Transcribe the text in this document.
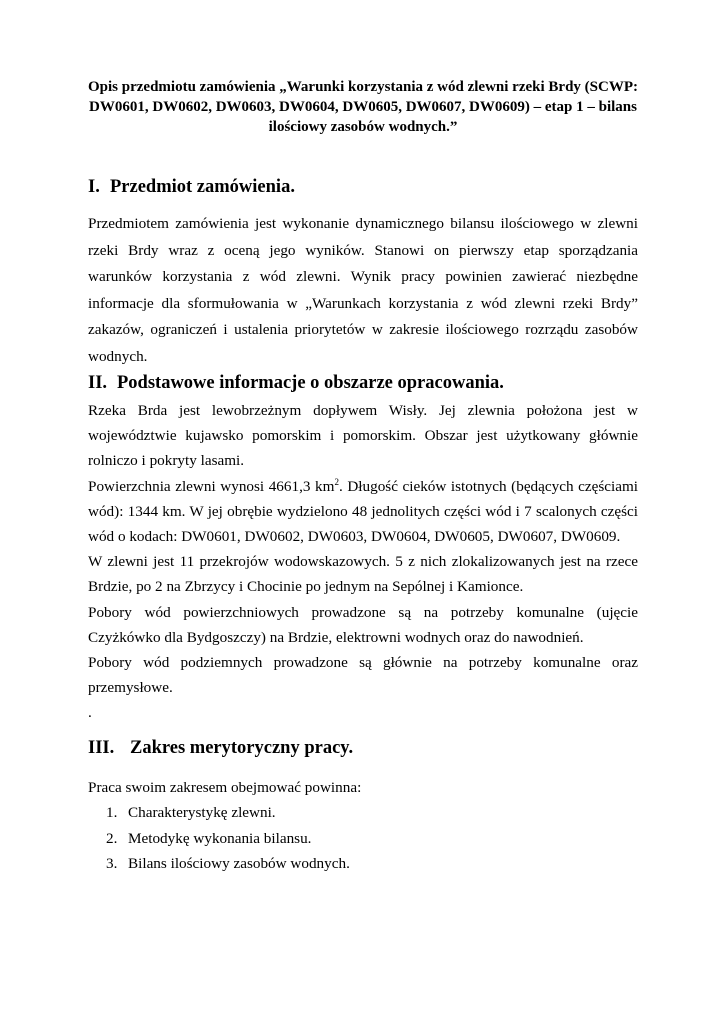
Opis przedmiotu zamówienia „Warunki korzystania z wód zlewni rzeki Brdy (SCWP: DW0601, DW0602, DW0603, DW0604, DW0605, DW0607, DW0609) – etap 1 – bilans ilościowy zasobów wodnych.”
I. Przedmiot zamówienia.

Przedmiotem zamówienia jest wykonanie dynamicznego bilansu ilościowego w zlewni rzeki Brdy wraz z oceną jego wyników. Stanowi on pierwszy etap sporządzania warunków korzystania z wód zlewni. Wynik pracy powinien zawierać niezbędne informacje dla sformułowania w „Warunkach korzystania z wód zlewni rzeki Brdy” zakazów, ograniczeń i ustalenia priorytetów w zakresie ilościowego rozrządu zasobów wodnych.

II. Podstawowe informacje o obszarze opracowania.

Rzeka Brda jest lewobrzeżnym dopływem Wisły. Jej zlewnia położona jest w województwie kujawsko pomorskim i pomorskim. Obszar jest użytkowany głównie rolniczo i pokryty lasami.

Powierzchnia zlewni wynosi 4661,3 $km^2$. Długość cieków istotnych (będących częściami wód): 1344 km. W jej obrębie wydzielono 48 jednolitych części wód i 7 scalonych części wód o kodach: DW0601, DW0602, DW0603, DW0604, DW0605, DW0607, DW0609.

W zlewni jest 11 przekrojów wodowskazowych. 5 z nich zlokalizowanych jest na rzece Brdzie, po 2 na Zbrzycy i Chocinie po jednym na Sepólnej i Kamionce.

Pobory wód powierzchniowych prowadzone są na potrzeby komunalne (ujęcie Czyżkówko dla Bydgoszczy) na Brdzie, elektrowni wodnych oraz do nawodnień.

Pobory wód podziemnych prowadzone są głównie na potrzeby komunalne oraz przemysłowe.

.

III. Zakres merytoryczny pracy.
Praca swoim zakresem obejmować powinna:
1. Charakterystykę zlewni.
2. Metodykę wykonania bilansu.
3. Bilans ilościowy zasobów wodnych.
